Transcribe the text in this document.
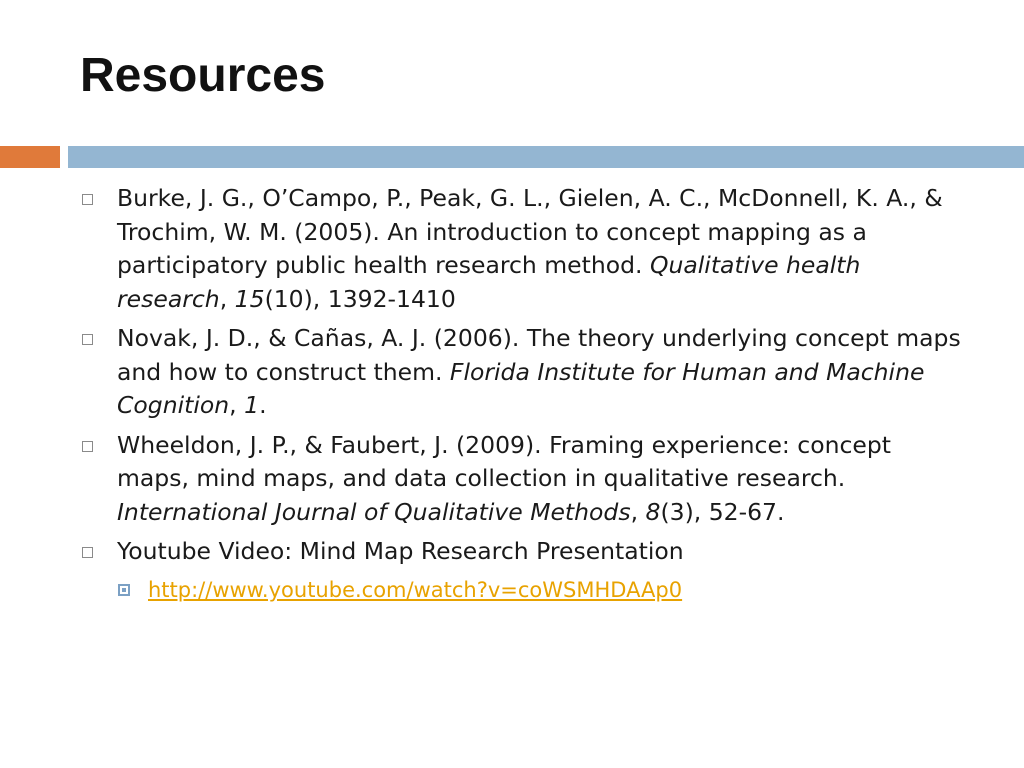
Resources
Burke, J. G., O’Campo, P., Peak, G. L., Gielen, A. C., McDonnell, K. A., & Trochim, W. M. (2005). An introduction to concept mapping as a participatory public health research method. Qualitative health research, 15(10), 1392-1410
Novak, J. D., & Cañas, A. J. (2006). The theory underlying concept maps and how to construct them. Florida Institute for Human and Machine Cognition, 1.
Wheeldon, J. P., & Faubert, J. (2009). Framing experience: concept maps, mind maps, and data collection in qualitative research. International Journal of Qualitative Methods, 8(3), 52-67.
Youtube Video: Mind Map Research Presentation
http://www.youtube.com/watch?v=coWSMHDAAp0
